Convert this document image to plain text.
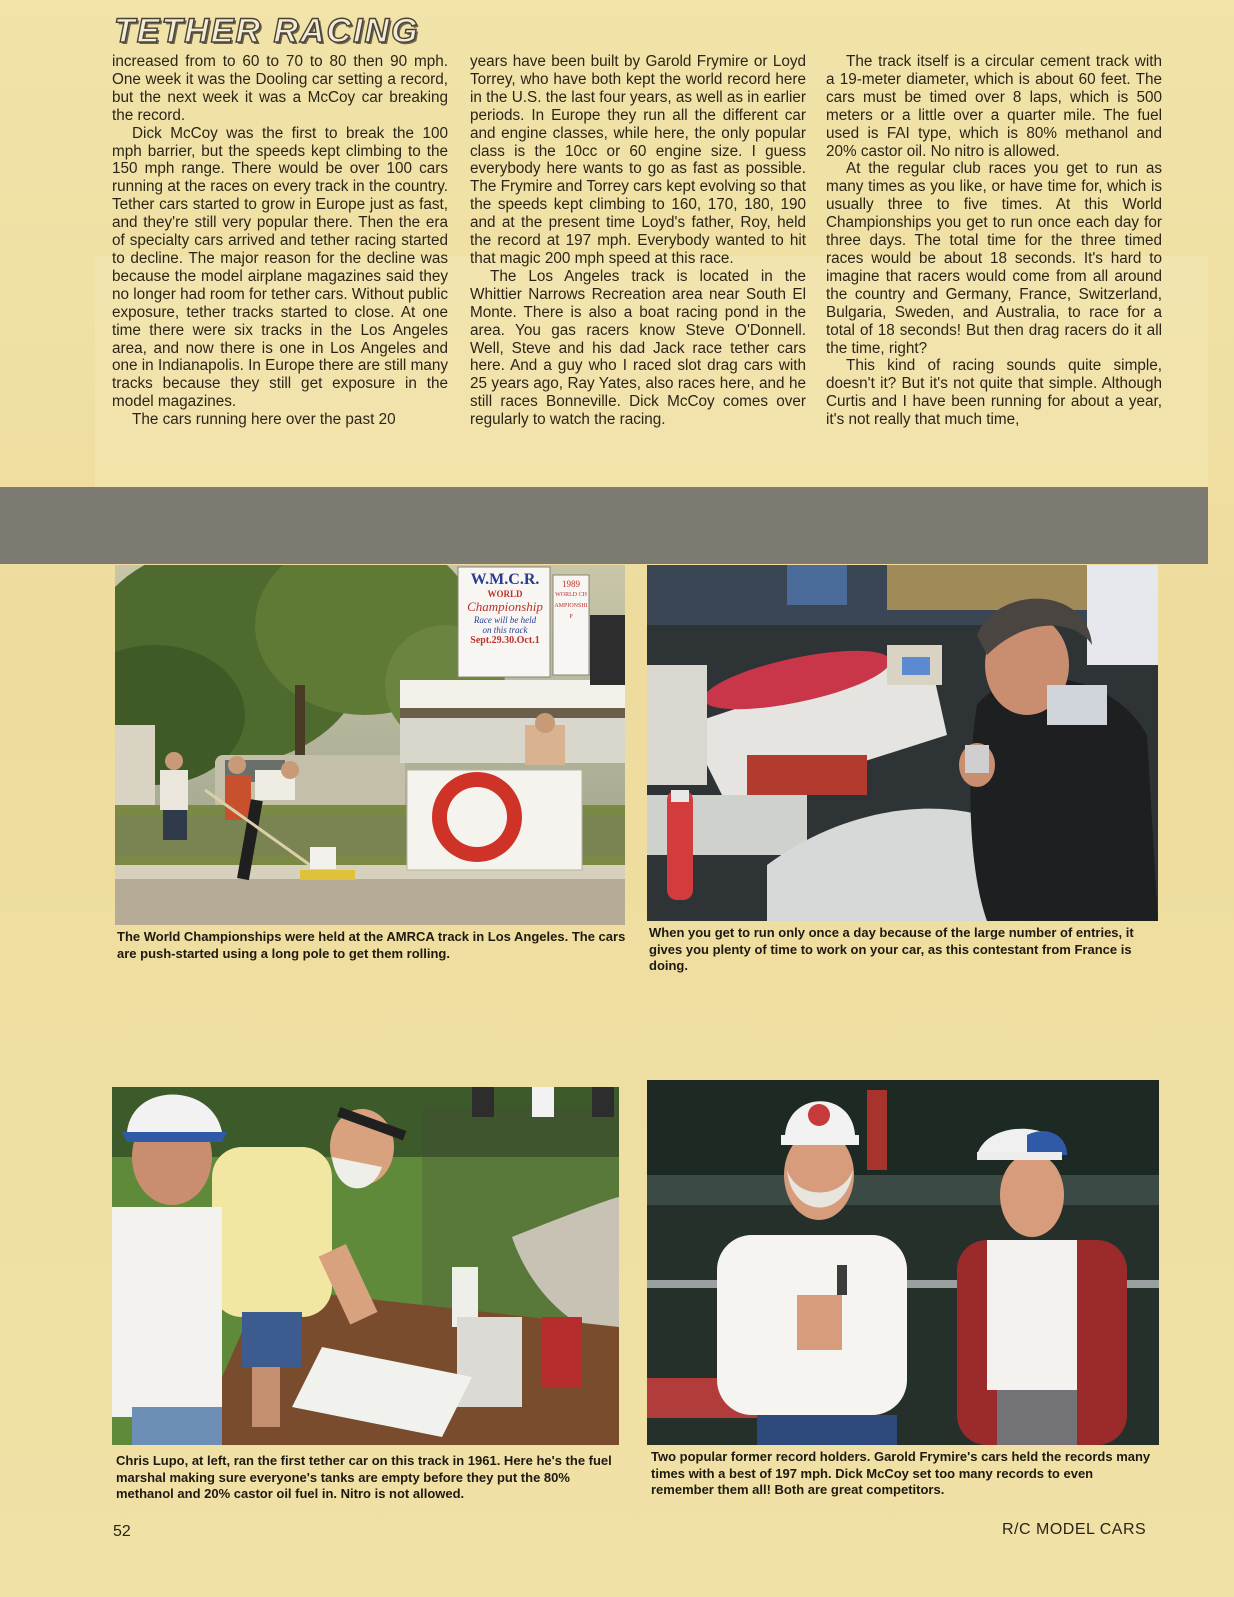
TETHER RACING

increased from to 60 to 70 to 80 then 90 mph. One week it was the Dooling car setting a record, but the next week it was a McCoy car breaking the record.

Dick McCoy was the first to break the 100 mph barrier, but the speeds kept climbing to the 150 mph range. There would be over 100 cars running at the races on every track in the country. Tether cars started to grow in Europe just as fast, and they're still very popular there. Then the era of specialty cars arrived and tether racing started to decline. The major reason for the decline was because the model airplane magazines said they no longer had room for tether cars. Without public exposure, tether tracks started to close. At one time there were six tracks in the Los Angeles area, and now there is one in Los Angeles and one in Indianapolis. In Europe there are still many tracks because they still get exposure in the model magazines.

The cars running here over the past 20

years have been built by Garold Frymire or Loyd Torrey, who have both kept the world record here in the U.S. the last four years, as well as in earlier periods. In Europe they run all the different car and engine classes, while here, the only popular class is the 10cc or 60 engine size. I guess everybody here wants to go as fast as possible. The Frymire and Torrey cars kept evolving so that the speeds kept climbing to 160, 170, 180, 190 and at the present time Loyd's father, Roy, held the record at 197 mph. Everybody wanted to hit that magic 200 mph speed at this race.

The Los Angeles track is located in the Whittier Narrows Recreation area near South El Monte. There is also a boat racing pond in the area. You gas racers know Steve O'Donnell. Well, Steve and his dad Jack race tether cars here. And a guy who I raced slot drag cars with 25 years ago, Ray Yates, also races here, and he still races Bonneville. Dick McCoy comes over regularly to watch the racing.

The track itself is a circular cement track with a 19-meter diameter, which is about 60 feet. The cars must be timed over 8 laps, which is 500 meters or a little over a quarter mile. The fuel used is FAI type, which is 80% methanol and 20% castor oil. No nitro is allowed.

At the regular club races you get to run as many times as you like, or have time for, which is usually three to five times. At this World Championships you get to run once each day for three days. The total time for the three timed races would be about 18 seconds. It's hard to imagine that racers would come from all around the country and Germany, France, Switzerland, Bulgaria, Sweden, and Australia, to race for a total of 18 seconds! But then drag racers do it all the time, right?

This kind of racing sounds quite simple, doesn't it? But it's not quite that simple. Although Curtis and I have been running for about a year, it's not really that much time,

W.M.C.R.
WORLD
Championship
Race will be held
on this track
Sept.29.30.Oct.1
1989
WORLD CHAMPIONSHIP
AMRCA
The World Championships were held at the AMRCA track in Los Angeles. The cars are push-started using a long pole to get them rolling.
When you get to run only once a day because of the large number of entries, it gives you plenty of time to work on your car, as this contestant from France is doing.
Chris Lupo, at left, ran the first tether car on this track in 1961. Here he's the fuel marshal making sure everyone's tanks are empty before they put the 80% methanol and 20% castor oil fuel in. Nitro is not allowed.
Two popular former record holders. Garold Frymire's cars held the records many times with a best of 197 mph. Dick McCoy set too many records to even remember them all! Both are great competitors.
52	R/C MODEL CARS
